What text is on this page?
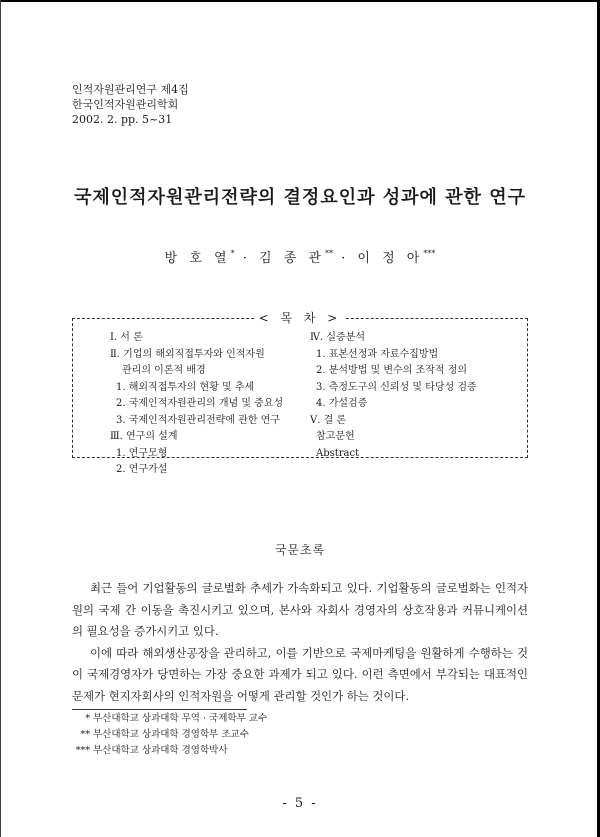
인적자원관리연구 제4집
한국인적자원관리학회
2002. 2. pp. 5~31
국제인적자원관리전략의 결정요인과 성과에 관한 연구
방 호 열* · 김 종 관** · 이 정 아***
< 목 차 >
Ⅰ. 서 론
Ⅱ. 기업의 해외직접투자와 인적자원
관리의 이론적 배경
1. 해외직접투자의 현황 및 추세
2. 국제인적자원관리의 개념 및 중요성
3. 국제인적자원관리전략에 관한 연구
Ⅲ. 연구의 설계
1. 연구모형
2. 연구가설
Ⅳ. 실증분석
1. 표본선정과 자료수집방법
2. 분석방법 및 변수의 조작적 정의
3. 측정도구의 신뢰성 및 타당성 검증
4. 가설검증
Ⅴ. 결 론
참고문헌
Abstract
국문초록

최근 들어 기업활동의 글로벌화 추세가 가속화되고 있다. 기업활동의 글로벌화는 인적자원의 국제 간 이동을 촉진시키고 있으며, 본사와 자회사 경영자의 상호작용과 커뮤니케이션의 필요성을 증가시키고 있다.

이에 따라 해외생산공장을 관리하고, 이를 기반으로 국제마케팅을 원활하게 수행하는 것이 국제경영자가 당면하는 가장 중요한 과제가 되고 있다. 이런 측면에서 부각되는 대표적인 문제가 현지자회사의 인적자원을 어떻게 관리할 것인가 하는 것이다.

* 부산대학교 상과대학 무역 · 국제학부 교수
** 부산대학교 상과대학 경영학부 조교수
*** 부산대학교 상과대학 경영학박사
- 5 -
